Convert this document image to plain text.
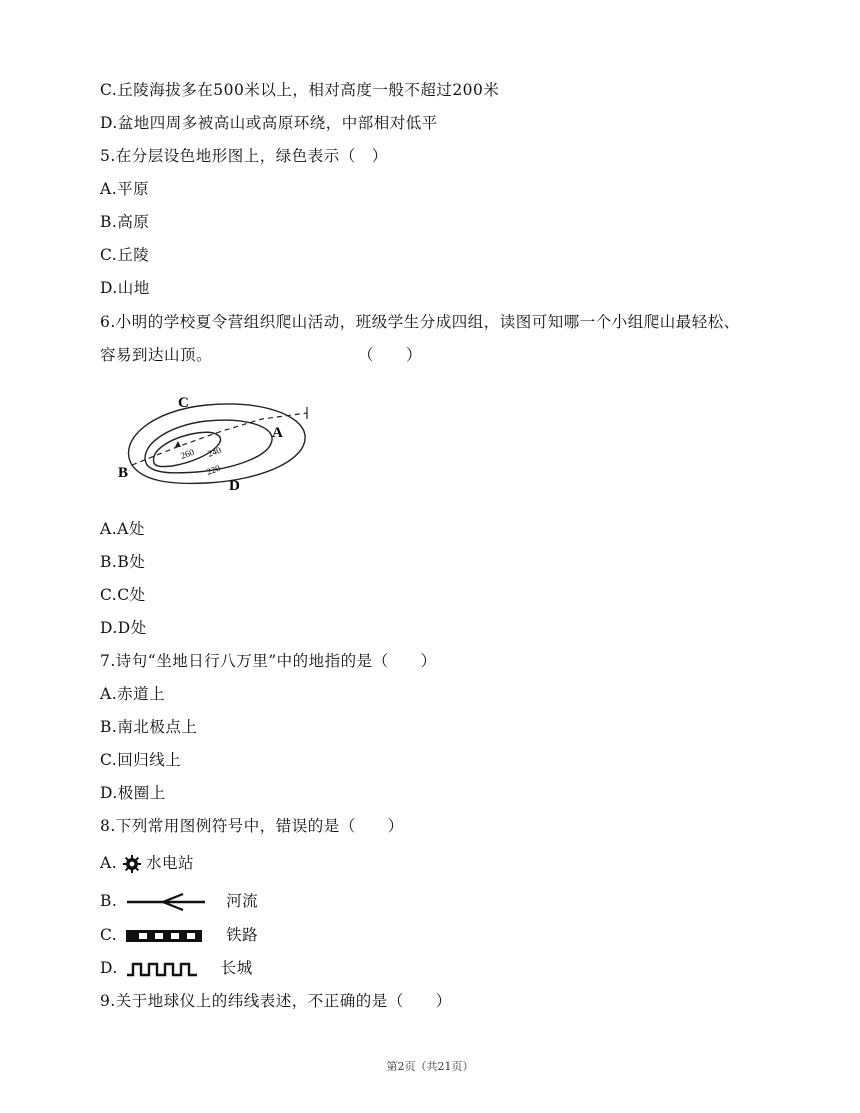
C.丘陵海拔多在500米以上，相对高度一般不超过200米
D.盆地四周多被高山或高原环绕，中部相对低平
5.在分层设色地形图上，绿色表示（　）
A.平原
B.高原
C.丘陵
D.山地
6.小明的学校夏令营组织爬山活动，班级学生分成四组，读图可知哪一个小组爬山最轻松、
容易到达山顶。	（　　）
C
A
B
D
260 240
220
A.A处
B.B处
C.C处
D.D处
7.诗句“坐地日行八万里”中的地指的是（　　）
A.赤道上
B.南北极点上
C.回归线上
D.极圈上
8.下列常用图例符号中，错误的是（　　）
A. 水电站
B.	河流
C.	铁路
D.	长城
9.关于地球仪上的纬线表述，不正确的是（　　）
第2页（共21页）
